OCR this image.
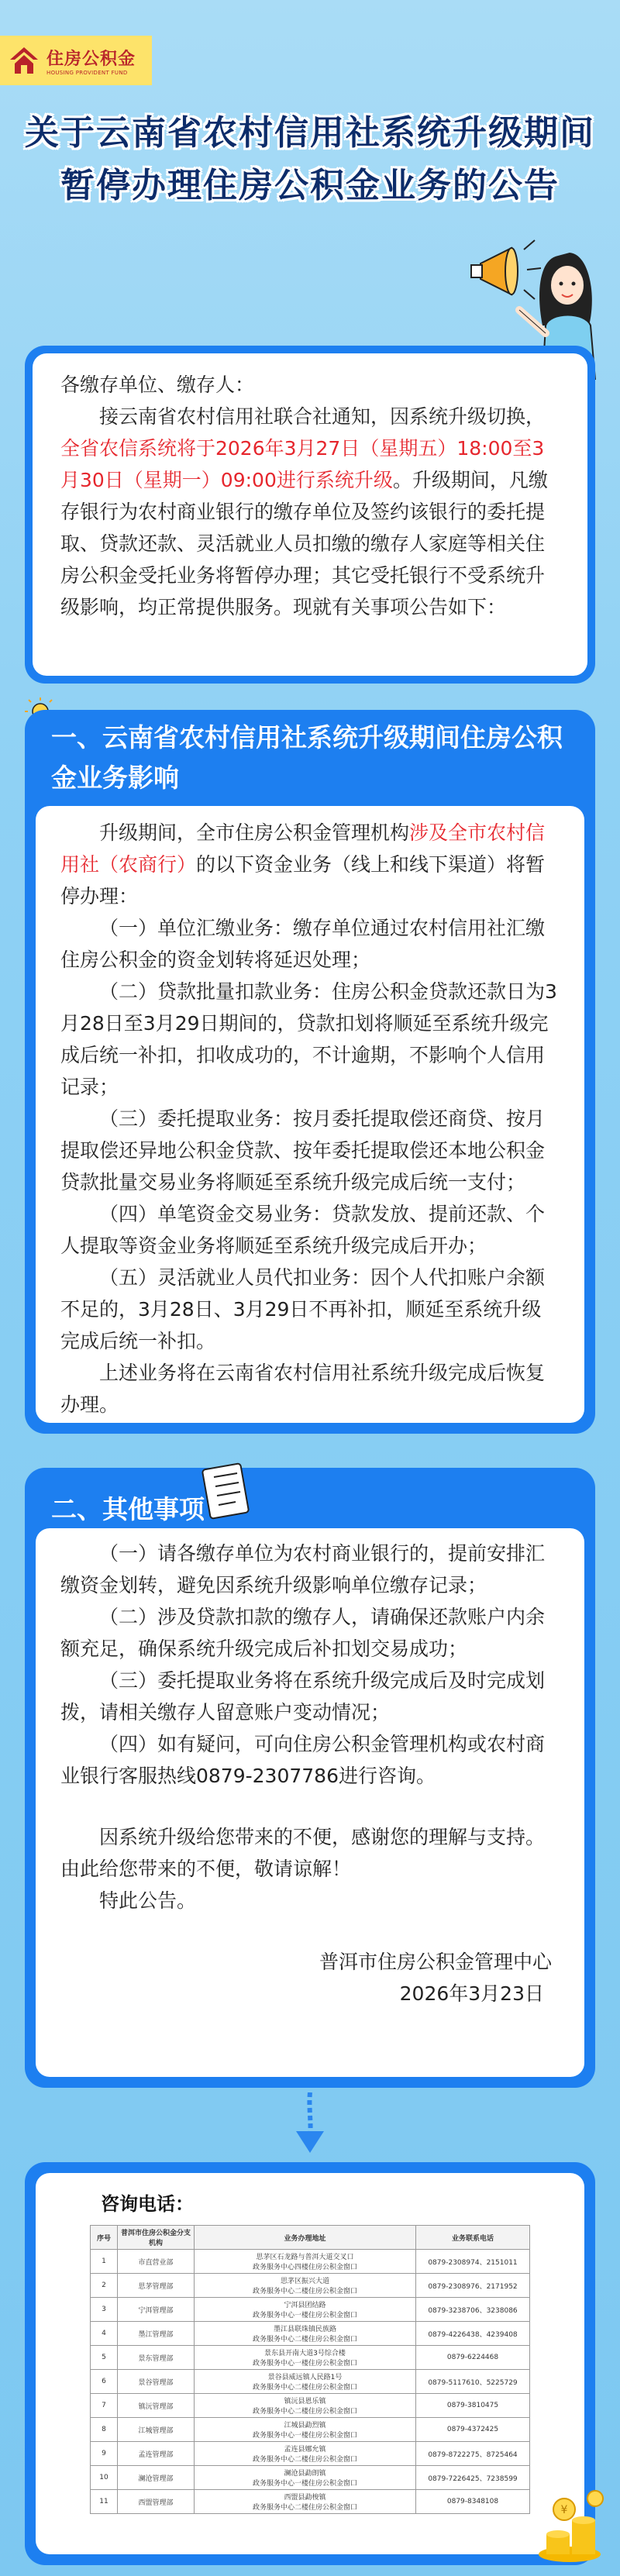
住房公积金
HOUSING PROVIDENT FUND
关于云南省农村信用社系统升级期间
暂停办理住房公积金业务的公告

各缴存单位、缴存人：

接云南省农村信用社联合社通知，因系统升级切换，全省农信系统将于2026年3月27日（星期五）18:00至3月30日（星期一）09:00进行系统升级。升级期间，凡缴存银行为农村商业银行的缴存单位及签约该银行的委托提取、贷款还款、灵活就业人员扣缴的缴存人家庭等相关住房公积金受托业务将暂停办理；其它受托银行不受系统升级影响，均正常提供服务。现就有关事项公告如下：

一、云南省农村信用社系统升级期间住房公积
金业务影响

升级期间，全市住房公积金管理机构涉及全市农村信用社（农商行）的以下资金业务（线上和线下渠道）将暂停办理：

（一）单位汇缴业务：缴存单位通过农村信用社汇缴住房公积金的资金划转将延迟处理；

（二）贷款批量扣款业务：住房公积金贷款还款日为3月28日至3月29日期间的，贷款扣划将顺延至系统升级完成后统一补扣，扣收成功的，不计逾期，不影响个人信用记录；

（三）委托提取业务：按月委托提取偿还商贷、按月提取偿还异地公积金贷款、按年委托提取偿还本地公积金贷款批量交易业务将顺延至系统升级完成后统一支付；

（四）单笔资金交易业务：贷款发放、提前还款、个人提取等资金业务将顺延至系统升级完成后开办；

（五）灵活就业人员代扣业务：因个人代扣账户余额不足的，3月28日、3月29日不再补扣，顺延至系统升级完成后统一补扣。

上述业务将在云南省农村信用社系统升级完成后恢复办理。

二、其他事项

（一）请各缴存单位为农村商业银行的，提前安排汇缴资金划转，避免因系统升级影响单位缴存记录；

（二）涉及贷款扣款的缴存人，请确保还款账户内余额充足，确保系统升级完成后补扣划交易成功；

（三）委托提取业务将在系统升级完成后及时完成划拨，请相关缴存人留意账户变动情况；

（四）如有疑问，可向住房公积金管理机构或农村商业银行客服热线0879-2307786进行咨询。

因系统升级给您带来的不便，感谢您的理解与支持。由此给您带来的不便，敬请谅解！

特此公告。

普洱市住房公积金管理中心

2026年3月23日

咨询电话：
序号	普洱市住房公积金分支机构	业务办理地址	业务联系电话
1	市直营业部	思茅区石龙路与普洱大道交叉口
政务服务中心四楼住房公积金窗口	0879-2308974、2151011
2	思茅管理部	思茅区振兴大道
政务服务中心二楼住房公积金窗口	0879-2308976、2171952
3	宁洱管理部	宁洱县团结路
政务服务中心一楼住房公积金窗口	0879-3238706、3238086
4	墨江管理部	墨江县联珠镇民族路
政务服务中心二楼住房公积金窗口	0879-4226438、4239408
5	景东管理部	景东县开南大道3号综合楼
政务服务中心一楼住房公积金窗口	0879-6224468
6	景谷管理部	景谷县威远镇人民路1号
政务服务中心二楼住房公积金窗口	0879-5117610、5225729
7	镇沅管理部	镇沅县恩乐镇
政务服务中心二楼住房公积金窗口	0879-3810475
8	江城管理部	江城县勐烈镇
政务服务中心一楼住房公积金窗口	0879-4372425
9	孟连管理部	孟连县娜允镇
政务服务中心二楼住房公积金窗口	0879-8722275、8725464
10	澜沧管理部	澜沧县勐朗镇
政务服务中心一楼住房公积金窗口	0879-7226425、7238599
11	西盟管理部	西盟县勐梭镇
政务服务中心二楼住房公积金窗口	0879-8348108
¥
